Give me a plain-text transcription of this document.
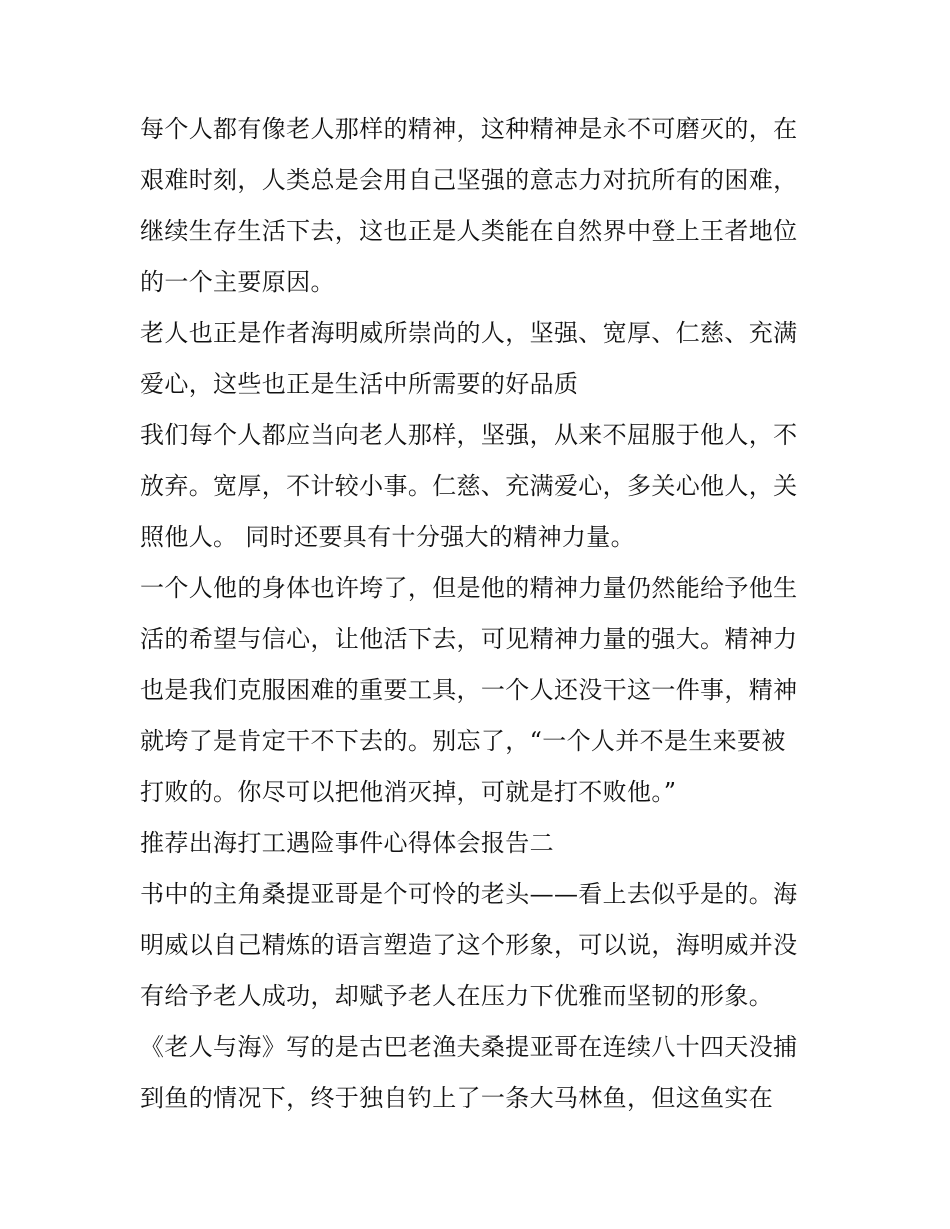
每个人都有像老人那样的精神，这种精神是永不可磨灭的，在
艰难时刻，人类总是会用自己坚强的意志力对抗所有的困难，
继续生存生活下去，这也正是人类能在自然界中登上王者地位
的一个主要原因。
老人也正是作者海明威所崇尚的人，坚强、宽厚、仁慈、充满
爱心，这些也正是生活中所需要的好品质
我们每个人都应当向老人那样，坚强，从来不屈服于他人，不
放弃。宽厚，不计较小事。仁慈、充满爱心，多关心他人，关
照他人。 同时还要具有十分强大的精神力量。
一个人他的身体也许垮了，但是他的精神力量仍然能给予他生
活的希望与信心，让他活下去，可见精神力量的强大。精神力
也是我们克服困难的重要工具，一个人还没干这一件事，精神
就垮了是肯定干不下去的。别忘了，“一个人并不是生来要被
打败的。你尽可以把他消灭掉，可就是打不败他。”
推荐出海打工遇险事件心得体会报告二
书中的主角桑提亚哥是个可怜的老头——看上去似乎是的。海
明威以自己精炼的语言塑造了这个形象，可以说，海明威并没
有给予老人成功，却赋予老人在压力下优雅而坚韧的形象。
《老人与海》写的是古巴老渔夫桑提亚哥在连续八十四天没捕
到鱼的情况下，终于独自钓上了一条大马林鱼，但这鱼实在
